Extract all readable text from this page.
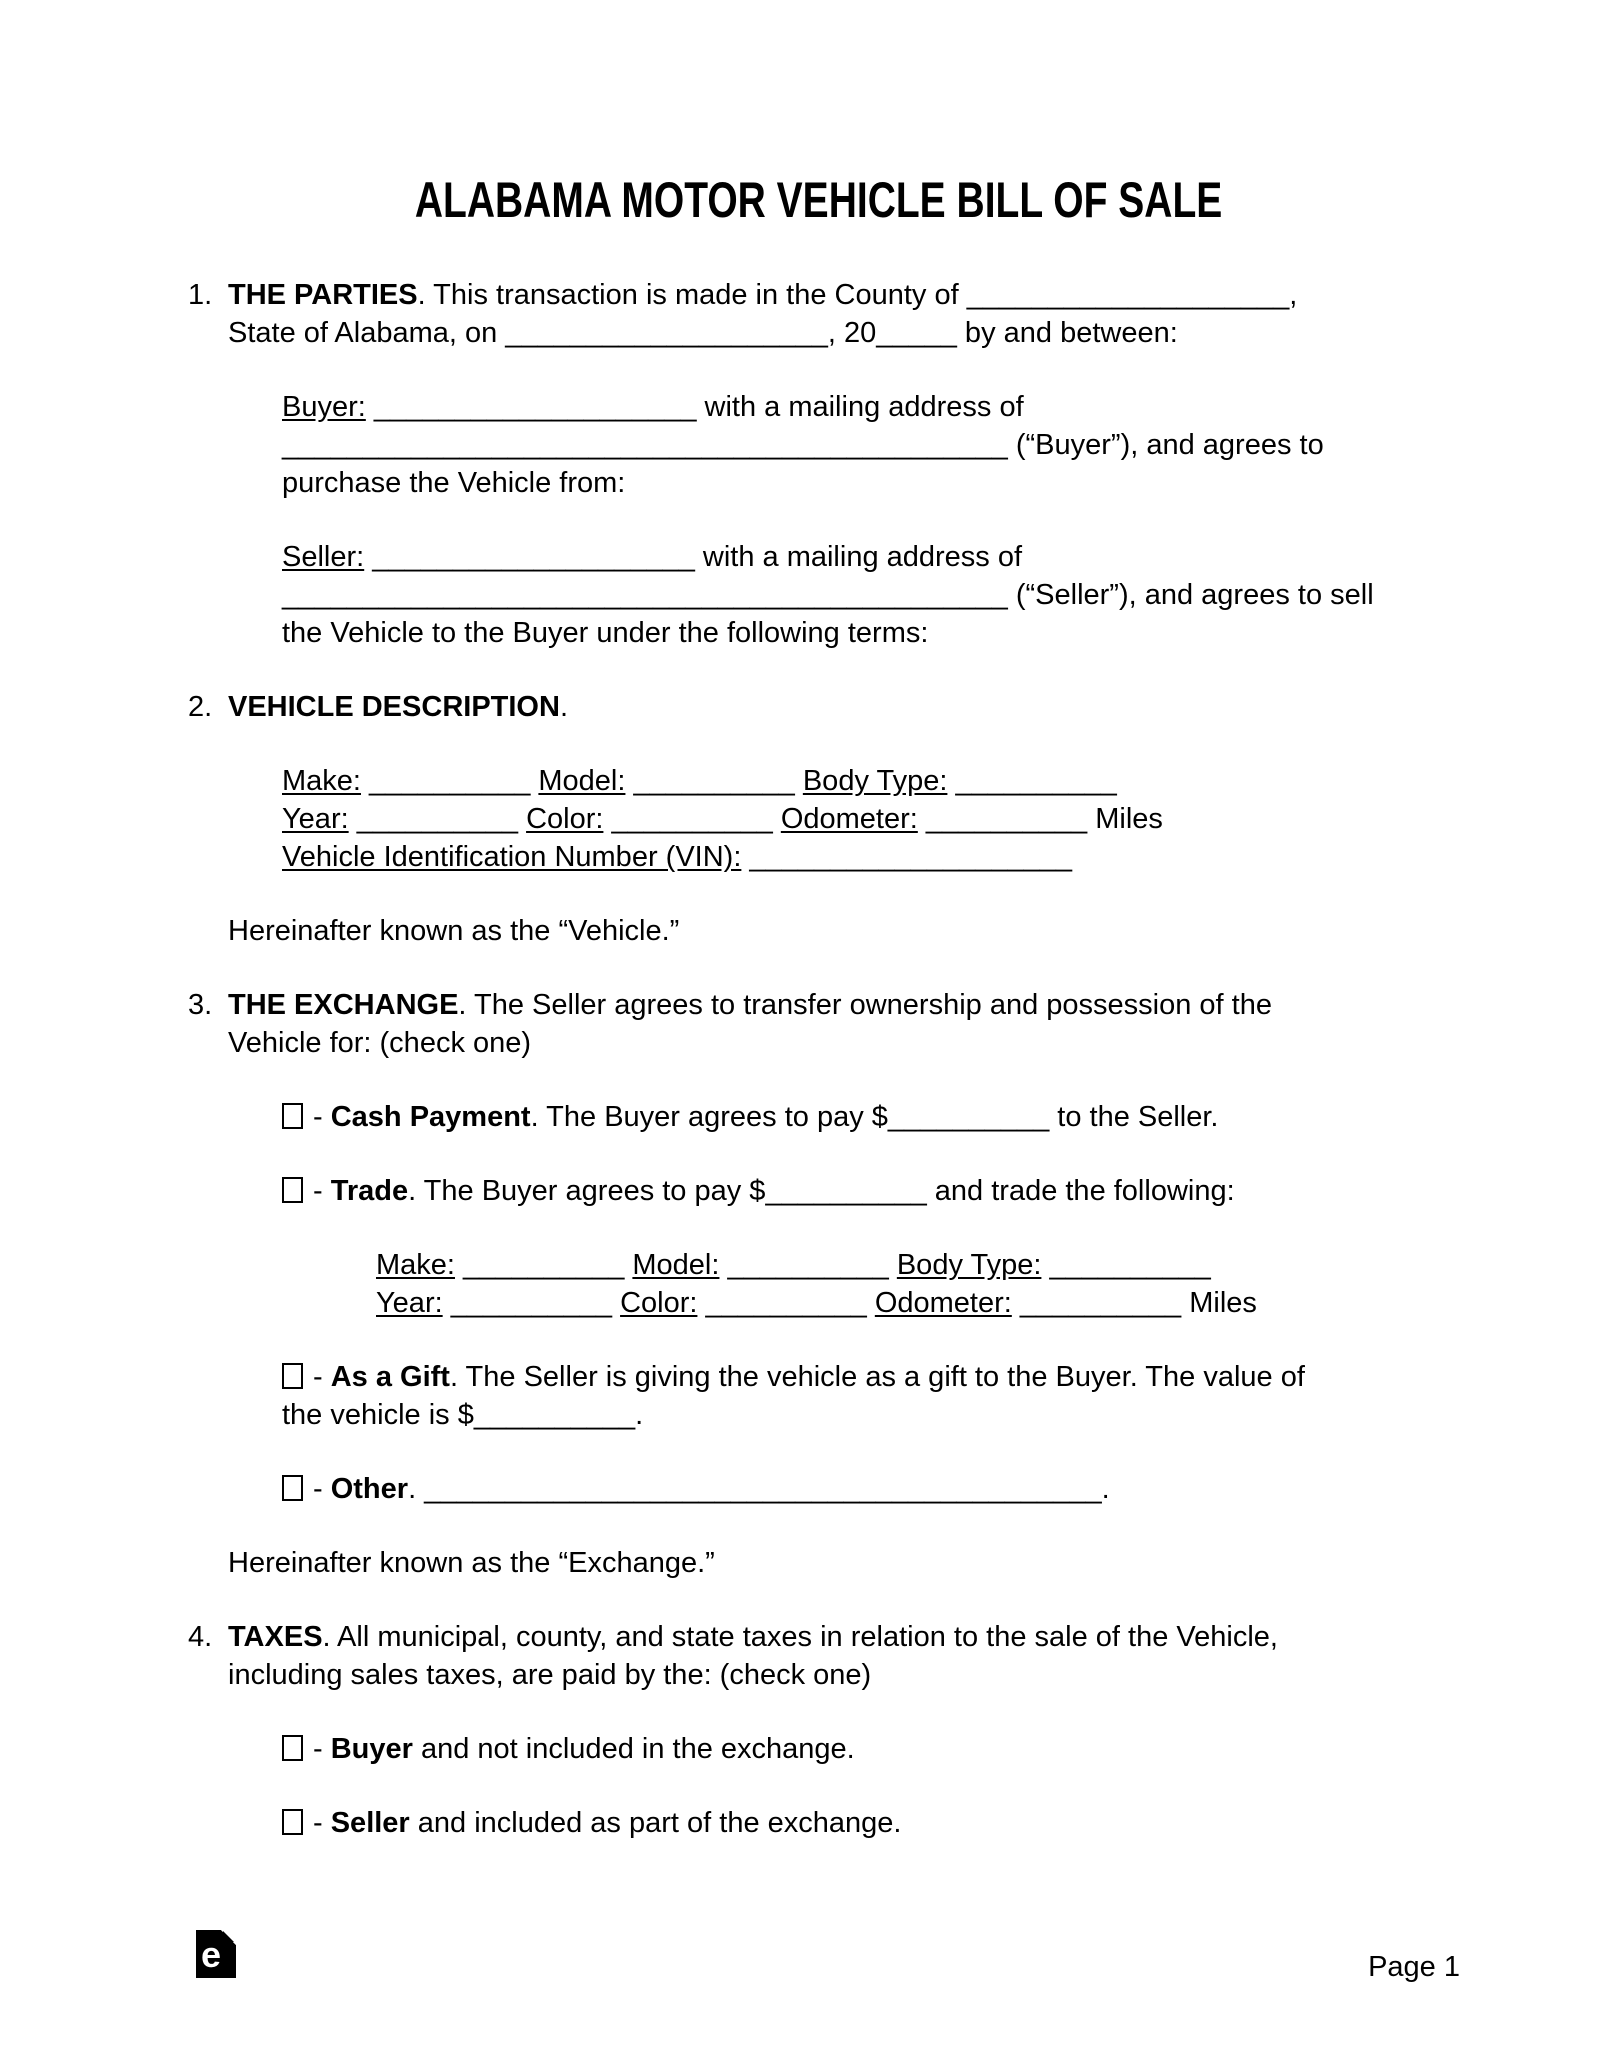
ALABAMA MOTOR VEHICLE BILL OF SALE
1. THE PARTIES. This transaction is made in the County of ____________________,
State of Alabama, on ____________________, 20_____ by and between:
Buyer: ____________________ with a mailing address of
_____________________________________________ (“Buyer”), and agrees to
purchase the Vehicle from:
Seller: ____________________ with a mailing address of
_____________________________________________ (“Seller”), and agrees to sell
the Vehicle to the Buyer under the following terms:
2. VEHICLE DESCRIPTION.
Make: __________ Model: __________ Body Type: __________
Year: __________ Color: __________ Odometer: __________ Miles
Vehicle Identification Number (VIN): ____________________
Hereinafter known as the “Vehicle.”
3. THE EXCHANGE. The Seller agrees to transfer ownership and possession of the
Vehicle for: (check one)
- Cash Payment. The Buyer agrees to pay $__________ to the Seller.
- Trade. The Buyer agrees to pay $__________ and trade the following:
Make: __________ Model: __________ Body Type: __________
Year: __________ Color: __________ Odometer: __________ Miles
- As a Gift. The Seller is giving the vehicle as a gift to the Buyer. The value of
the vehicle is $__________.
- Other. __________________________________________.
Hereinafter known as the “Exchange.”
4. TAXES. All municipal, county, and state taxes in relation to the sale of the Vehicle,
including sales taxes, are paid by the: (check one)
- Buyer and not included in the exchange.
- Seller and included as part of the exchange.
e	Page 1
